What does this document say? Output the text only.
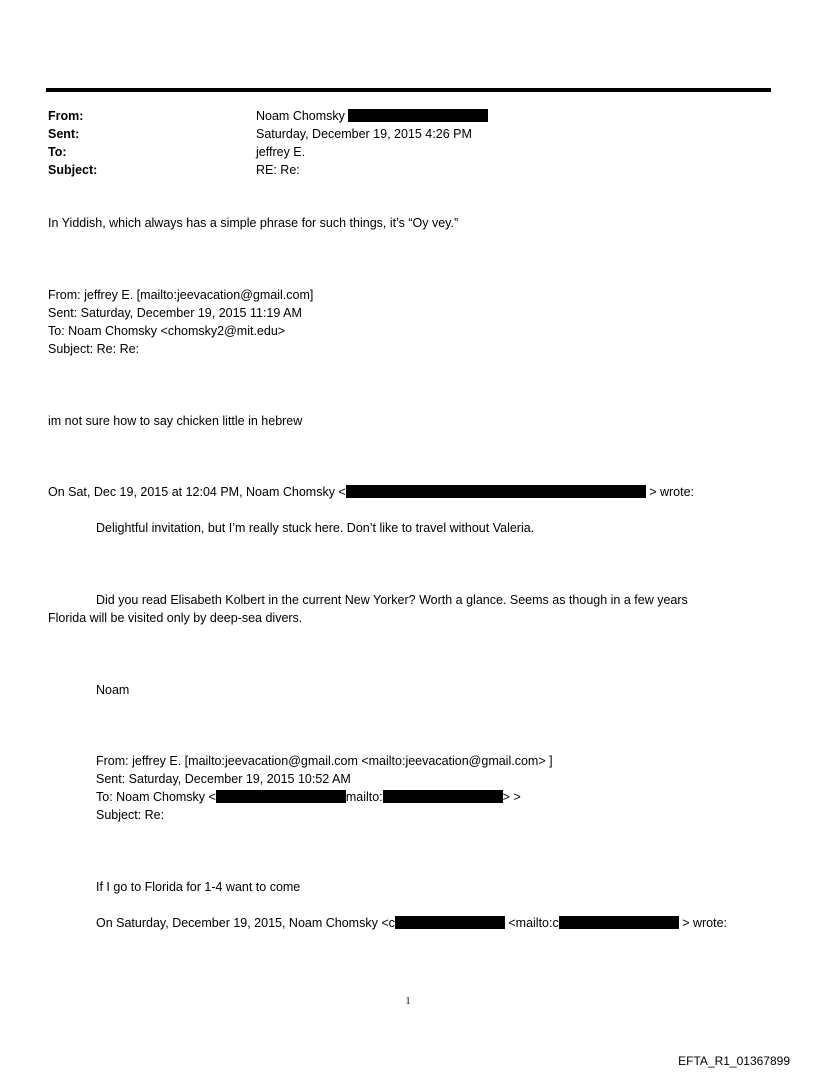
From:	Noam Chomsky
Sent:	Saturday, December 19, 2015 4:26 PM
To:	jeffrey E.
Subject:	RE: Re:
In Yiddish, which always has a simple phrase for such things, it’s “Oy vey.”
From: jeffrey E. [mailto:jeevacation@gmail.com]
Sent: Saturday, December 19, 2015 11:19 AM
To: Noam Chomsky <chomsky2@mit.edu>
Subject: Re: Re:
im not sure how to say chicken little in hebrew
On Sat, Dec 19, 2015 at 12:04 PM, Noam Chomsky <	> wrote:
Delightful invitation, but I’m really stuck here. Don’t like to travel without Valeria.
Did you read Elisabeth Kolbert in the current New Yorker? Worth a glance. Seems as though in a few years
Florida will be visited only by deep-sea divers.
Noam
From: jeffrey E. [mailto:jeevacation@gmail.com <mailto:jeevacation@gmail.com> ]
Sent: Saturday, December 19, 2015 10:52 AM
To: Noam Chomsky <	mailto:	> >
Subject: Re:
If I go to Florida for 1-4 want to come
On Saturday, December 19, 2015, Noam Chomsky <c	<mailto:c	> wrote:
1
EFTA_R1_01367899
